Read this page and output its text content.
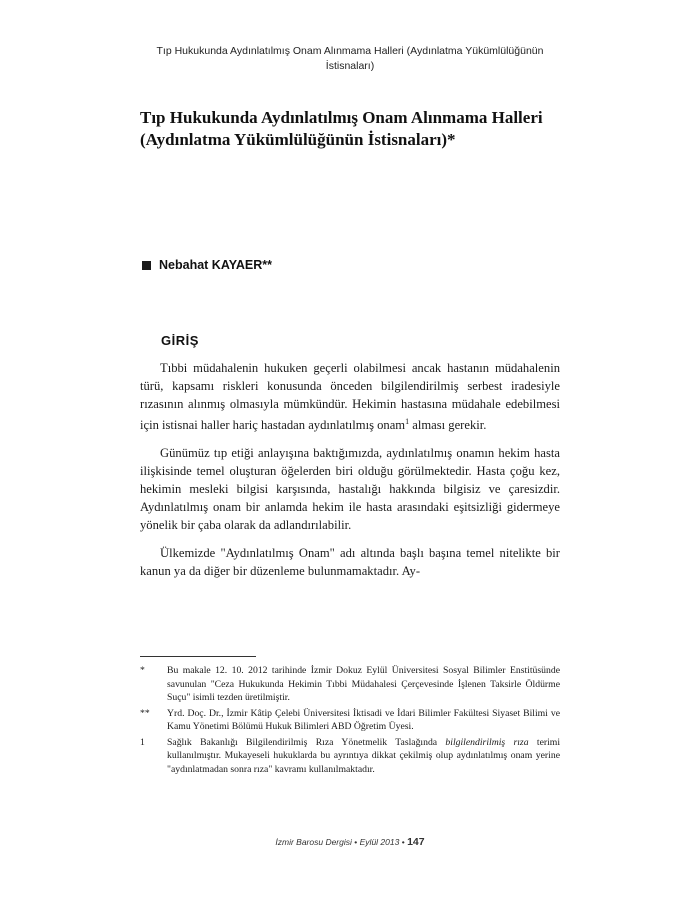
Tıp Hukukunda Aydınlatılmış Onam Alınmama Halleri (Aydınlatma Yükümlülüğünün İstisnaları)
Tıp Hukukunda Aydınlatılmış Onam Alınmama Halleri (Aydınlatma Yükümlülüğünün İstisnaları)*
Nebahat KAYAER**
GİRİŞ

Tıbbi müdahalenin hukuken geçerli olabilmesi ancak hastanın müdahalenin türü, kapsamı riskleri konusunda önceden bilgilendirilmiş serbest iradesiyle rızasının alınmış olmasıyla mümkündür. Hekimin hastasına müdahale edebilmesi için istisnai haller hariç hastadan aydınlatılmış onam$^1$ alması gerekir.

Günümüz tıp etiği anlayışına baktığımızda, aydınlatılmış onamın hekim hasta ilişkisinde temel oluşturan öğelerden biri olduğu görülmektedir. Hasta çoğu kez, hekimin mesleki bilgisi karşısında, hastalığı hakkında bilgisiz ve çaresizdir. Aydınlatılmış onam bir anlamda hekim ile hasta arasındaki eşitsizliği gidermeye yönelik bir çaba olarak da adlandırılabilir.

Ülkemizde "Aydınlatılmış Onam" adı altında başlı başına temel nitelikte bir kanun ya da diğer bir düzenleme bulunmamaktadır. Ay-

*	Bu makale 12. 10. 2012 tarihinde İzmir Dokuz Eylül Üniversitesi Sosyal Bilimler Enstitüsünde savunulan "Ceza Hukukunda Hekimin Tıbbi Müdahalesi Çerçevesinde İşlenen Taksirle Öldürme Suçu" isimli tezden üretilmiştir.
**	Yrd. Doç. Dr., İzmir Kâtip Çelebi Üniversitesi İktisadi ve İdari Bilimler Fakültesi Siyaset Bilimi ve Kamu Yönetimi Bölümü Hukuk Bilimleri ABD Öğretim Üyesi.
1	Sağlık Bakanlığı Bilgilendirilmiş Rıza Yönetmelik Taslağında bilgilendirilmiş rıza terimi kullanılmıştır. Mukayeseli hukuklarda bu ayrıntıya dikkat çekilmiş olup aydınlatılmış onam yerine "aydınlatmadan sonra rıza" kavramı kullanılmaktadır.
İzmir Barosu Dergisi • Eylül 2013 • 147
